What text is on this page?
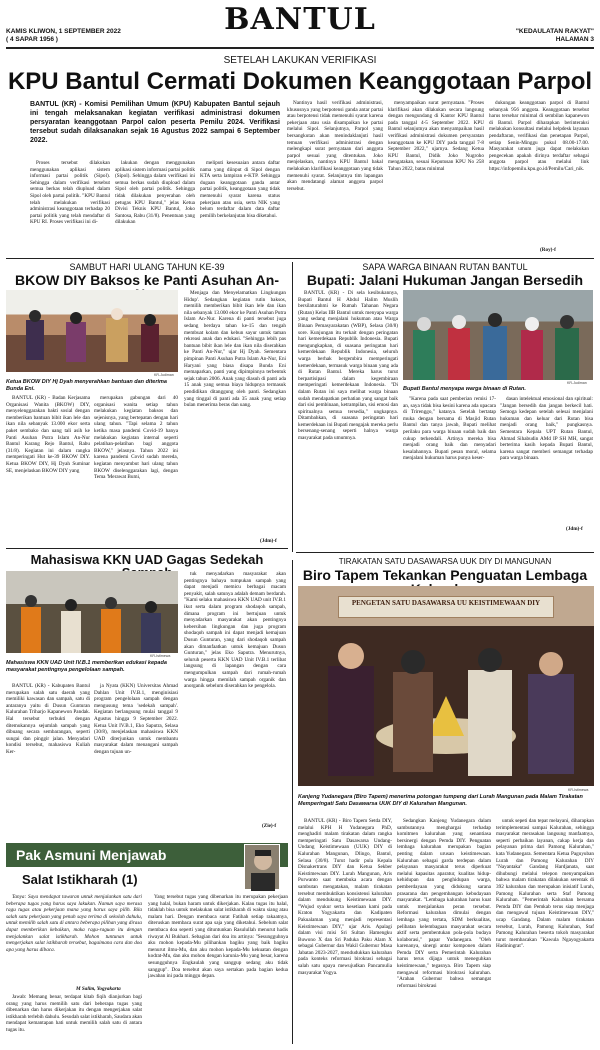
KAMIS KLIWON, 1 SEPTEMBER 2022
( 4 SAPAR 1956 )
BANTUL	"KEDAULATAN RAKYAT"
HALAMAN 3
SETELAH LAKUKAN VERIFIKASI
KPU Bantul Cermati Dokumen Keanggotaan Parpol
BANTUL (KR) - Komisi Pemilihan Umum (KPU) Kabupaten Bantul sejauh ini tengah melaksanakan kegiatan verifikasi administrasi dokumen persyaratan keanggotaan Parpol calon peserta Pemilu 2024. Verifikasi tersebut sudah dilaksanakan sejak 16 Agustus 2022 sampai 6 September 2022.

Proses tersebut dilakukan menggunakan aplikasi sistem informasi partai politik (Sipol). Sehingga dalam verifikasi tersebut semua berkas telah diupload dalam Sipol oleh partai politik. "KPU Bantul telah melakukan verifikasi administrasi keanggotaan terhadap 20 partai politik yang telah mendaftar di KPU RI. Proses verifikasi ini di-

lakukan dengan menggunakan aplikasi sistem informasi partai politik (Sipol). Sehingga dalam verifikasi ini semua berkas sudah diupload dalam Sipol oleh partai politik. Sehingga tidak dilakukan penyerahan oleh petugas KPU Bantul," jelas Ketua Divisi Teknis KPU Bantul, Joko Santosa, Rabu (31/8). Penentuan yang dilakukan

meliputi kesesuaian antara daftar nama yang diinput di Sipol dengan KTA serta lampiran e-KTP. Sehingga dugaan keanggotaan ganda antar partai politik, keanggotaan yang tidak memenuhi syarat karena status pekerjaan atau usia, serta NIK yang belum terdaftar dalam data daftar pemilih berkelanjutan bisa diketahui.

Nantinya hasil verifikasi administrasi, khususnya yang berpotensi ganda antar partai atau berpotensi tidak memenuhi syarat karena pekerjaan atau usia disampaikan ke partai melalui Sipol. Selanjutnya, Parpol yang bersangkutan akan menindaklanjuti hasil temuan verifikasi administrasi dengan melengkapi surat pernyataan dari anggota parpol sesuai yang ditentukan. Joko menjelaskan, nantinya KPU Bantul bakal melakukan klarifikasi keanggotaan yang tidak memenuhi syarat. Selanjutnya tim lapangan akan mendatangi alamat anggota parpol tersebut.

menyampaikan surat pernyataan. "Proses klarifikasi akan dilakukan secara langsung dengan mengundang di Kantor KPU Bantul pada tanggal 4-5 September 2022. KPU Bantul selanjutnya akan menyampaikan hasil verifikasi administrasi dokumen persyaratan keanggotaan ke KPU DIY pada tanggal 7-8 September 2022," ujarnya. Sedang Ketua KPU Bantul, Didik Joko Nugroho mengatakan, sesuai Keputusan KPU No 258 Tahun 2022, batas minimal

dukungan keanggotaan parpol di Bantul sebanyak 956 anggota. Keanggotaan tersebut harus tersebar minimal di sembilan kapanewon di Bantul. Parpol diharapkan berinteraksi melakukan konsultasi melalui helpdesk layanan pendaftaran, verifikasi dan penetapan Parpol, setiap Senin-Minggu pukul 08.00-17.00. Masyarakat umum juga dapat melakukan pengecekan apakah dirinya terdaftar sebagai anggota parpol atau melalui link https://infopemilu.kpu.go.id/Pemilu/Cari_nik.

(Roy)-f
SAMBUT HARI ULANG TAHUN KE-39
BKOW DIY Baksos ke Panti Asuhan An-
KR-Judiman
Ketua BKOW DIY Hj Dyah menyerahkan bantuan dan diterima Bunda Eni.

BANTUL (KR) - Badan Kerjasama Organisasi Wanita (BKOW) DIY, menyelenggarakan bakti sosial dengan memberikan bantuan bibit ikan lele dan ikan nila sebanyak 13.000 ekor serta paket sembako dan uang tali asih ke Panti Asuhan Putra Islam An-Nur Bantul Karang Rejo Bantul, Rabu (31/8). Kegiatan ini dalam rangka memperingati Hut ke-39 BKOW DIY. Ketua BKOW DIY, Hj Dyah Suminar SE, menjelaskan BKOW DIY yang

merupakan gabungan dari 40 organisasi wanita setiap tahun melakukan kegiatan baksos dan sejenisnya, yang bertepatan dengan hari ulang tahun. "Tapi selama 2 tahun ketika masa pandemi Covid-19 hanya melakukan kegiatan internal seperti pelatihan-pelatihan bagi anggota BKOW," jelasnya. Tahun 2022 ini karena pandemi Covid sudah mereda, kegiatan menyambut hari ulang tahun BKOW diselenggarakan lagi, dengan Tema 'Merawat Bumi,

Menjaga dan Menyelamatkan Lingkungan Hidup'. Sedangkan kegiatan rutin baksos, memilih memberikan bibit ikan lele dan ikan nila sebanyak 13.000 ekor ke Panti Asuhan Putra Islam An-Nur. Karena di panti tersebut juga sedang berdaya tahan ke-15 dan tengah membuat kolam dan kebun sayur untuk taman rekreasi anak dan edukasi. "Sehingga lebih pas bantuan bibit ikan lele dan ikan nila diserahkan ke Panti An-Nur," ujar Hj Dyah. Sementara pimpinan Panti Asuhan Putra Islam An-Nur, Eni Haryani yang biasa disapa Bunda Eni memaparkan, panti yang dipimpinnya terbentuk sejak tahun 2006. Anak yang diasuh di panti ada 15 anak yang semua biaya hidupnya termasuk pendidikan ditanggung oleh panti. Sedangkan yang tinggal di panti ada 35 anak yang setiap bulan menerima beras dan uang.

(Jdm)-f
SAPA WARGA BINAAN RUTAN BANTUL
Bupati: Jalani Hukuman Jangan Bersedih

BANTUL (KR) - Di sela kesibukannya, Bupati Bantul H Abdul Halim Muslih bersilaturahmi ke Rumah Tahanan Negara (Rutan) Kelas IIB Bantul untuk menyapa warga yang sedang menjalani hukuman atau Warga Binaan Pemasyarakatan (WBP), Selasa (30/8) sore. Kunjungan itu terkait dengan peringatan hari kemerdekaan Republik Indonesia. Bupati mengungkapkan, di suasana peringatan hari kemerdekaan Republik Indonesia, seluruh warga berhak bergembira memperingati kemerdekaan, termasuk warga binaan yang ada di Rutan Bantul. Mereka harus turut berpartisipasi dalam kegembiraan memperingati kemerdekaan Indonesia. "Di dalam Rutan ini saya melihat warga binaan sudah mendapatkan perhatian yang sangat baik dari sisi pembinaan, ketrampilan, sisi emosi dan spiritualnya semua tersedia," ungkapnya. Ditambahkan, di suasana peringatan hari kemerdekaan ini Bupati mengajak mereka perlu bersenang-senang seperti halnya warga masyarakat pada umumnya.

KR-Judiman
Bupati Bantul menyapa warga binaan di Rutan.

"Karena pada saat pemberian remisi 17-an, saya tidak bisa kesini karena ada upacara di Trirenggo," katanya. Setelah bertatap muka dengan bersama di Masjid Rutan Bantul dan tanya jawab, Bupati melihat perilaku para warga binaan sudah baik dan cukup terkendali. Artinya mereka bisa menjadi orang baik dan menyadari kesalahannya. Bupati pesan moral, selama menjalani hukuman harus punya keser-

dasan intelektual emosional dan spiritual: "Jangan bersedih dan jangan berkecil hati. Semoga kedepan setelah selesai menjalani hukuman dan keluar dari Rutan bisa menjadi orang baik," pungkasnya. Sementara Kepala UPT Rutan Bantul, Ahmad Sihabudin AMd IP SH MH, sangat berterima kasih kepada Bupati Bantul, karena sangat memberi semangat terhadap para warga binaan.

(Jdm)-f
Mahasiswa KKN UAD Gagas Sedekah
KR-Istimewa
Mahasiswa KKN UAD Unit IV.B.1 memberikan edukasi kepada masyarakat pentingnya pengelolaan sampah.

BANTUL (KR) - Kabupaten Bantul merupakan salah satu daerah yang memiliki kawasan dan sampah, satu di antaranya yaitu di Dusun Gunturan Kalurahan Triharjo Kapanewon Pandak. Hal tersebut terbukti dengan ditemukannya sejumlah sampah yang dibuang secara sembarangan, seperti sungai dan pinggir jalan. Menyadari kondisi tersebut, mahasiswa Kuliah Ker-

ja Nyata (KKN) Universitas Ahmad Dahlan Unit IV.B.1, menginisiasi program pengelolaan sampah dengan mengusung tema 'sedekah sampah'. Kegiatan berlangsung mulai tanggal 9 Agustus hingga 9 September 2022. Ketua Unit IV.B.1, Eko Saputra, Selasa (30/8), menjelaskan mahasiswa KKN UAD diterjunkan untuk membantu masyarakat dalam menangani sampah dengan tujuan un-

tuk menyadarkan masyarakat akan pentingnya bahaya tumpukan sampah yang dapat menjadi memicu berbagai macam penyakit, salah satunya adalah demam berdarah. "Kami selaku mahasiswa KKN UAD unit IV.B.1 ikut serta dalam program shodaqoh sampah, dimana program ini bertujuan untuk menyadarkan masyarakat akan pentingnya kebersihan lingkungan dan juga program shodaqoh sampah ini dapat menjadi kemajuan Dusun Gunturan, yang dari shodaqoh sampah akan dimanfaatkan untuk kemajuan Dusun Gunturan," jelas Eko Saputra. Menurutnya, seluruh peserta KKN UAD Unit IV.B.1 terlibat langsung di lapangan dengan cara mengumpulkan sampah dari rumah-rumah warga hingga memilah sampah organik dan anorganik sebelum diserahkan ke pengelola.

(Zie)-f
TIRAKATAN SATU DASAWARSA UUK DIY DI MANGUNAN
Biro Tapem Tekankan Penguatan Lembaga
PENGETAN SATU DASAWARSA UU KEISTIMEWAAN DIY
KR-Istimewa
Kanjeng Yudanegara (Biro Tapem) menerima potongan tumpeng dari Lurah Mangunan pada Malam Tirakatan Memperingati Satu Dasawarsa UUK DIY di Kalurahan Mangunan.

BANTUL (KR) - Biro Tapem Setda DIY, melalui KPH H Yudanegara PhD, menghadiri malam tirakatan dalam rangka memperingati Satu Dasawarsa Undang-Undang Keistimewaan (UUK) DIY di Kalurahan Mangunan, Dlingo, Bantul, Selasa (30/8). Turut hadir pula Kepala Disnakertrans DIY dan Ketua Sekber Keistimewaan DIY. Lurah Mangunan, Aris Purwanto saat membuka acara dengan sambutan mengatakan, malam tirakatan tersebut membuktikan konsistensi kalurahan dalam mendukung Keistimewaan DIY. "Wujud syukur serta kesetiaan kami pada Kraton Yogyakarta dan Kadipaten Pakualaman yang menjadi representasi Keistimewaan DIY," ujar Aris. Apalagi dalam visi misi Sri Sultan Hamengku Buwono X dan Sri Paduka Paku Alam X sebagai Gubernur dan Wakil Gubernur Masa Jabatan 2023-2027, mendudukkan kalurahan pada konteks reformasi birokrasi sebagai salah satu upaya mewujudkan Pancamulia masyarakat Yogya.

Sedangkan Kanjeng Yudanegara dalam sambutannya menghargai terhadap komitmen kalurahan yang senantiasa bersinergi dengan Pemda DIY. Penguatan lembaga kalurahan merupakan bagian penting dalam urusan keistimewaan. Kalurahan sebagai garda terdepan dalam pelayanan masyarakat terus diperkuat melalui kapasitas aparatur, kualitas hidup-kehidupan dan penghidupan warga, pemberdayaan yang didukung sarana prasarana dan pengembangan kebudayaan masyarakat. "Lembaga kalurahan harus kuat untuk menjalankan peran tersebut. Reformasi kalurahan dimulai dengan lembaga yang tertata, SDM berkualitas, pelibatan kelembagaan masyarakat secara aktif serta pembentukan pola-pola budaya kolaborasi," papar Yudanegara. "Oleh karenanya, sinergi antar komponen dalam Pemda DIY serta Pemerintah Kalurahan harus terus dijaga untuk meneguhkan keistimewaan," tegasnya. Biro Tapem siap mengawal reformasi birokrasi kalurahan. "Arahan Gubernur bahwa semangat reformasi birokrasi

untuk sepeti dan tepat melayani, diharapkan terimplementasi sampai Kalurahan, sehingga masyarakat merasakan langsung manfaatnya, seperti perbaikan layanan, cakap kerja dan pelayanan prima dari Pamong Kalurahan," kata Yudanegara. Sementara Ketua Paguyuban Lurah dan Pamong Kalurahan DIY "Nayantaka" Gandang Hardjanata, saat dihubungi melalui telepon menyampaikan bahwa malam tirakatan dilakukan serentak di 392 kalurahan dan merupakan inisiatif Lurah, Pamong Kalurahan serta Staf Pamong Kalurahan. "Pemerintah Kalurahan bersama Pemda DIY dan Pemkab terus siap menjaga dan mengawal tujuan Keistimewaan DIY," ucap Gandang. Dalam malam tirakatan tersebut, Lurah, Pamong Kalurahan, Staf Pamong Kalurahan beserta tokoh masyarakat turut membacakan "Kawula Ngayogyakarta Hadiningrat".

Pak Asmuni Menjawab
Salat Istikharah (1)

Tanya: Saya mendapat tawaran untuk menjalankan satu dari beberapa tugas yang harus saya lakukan. Namun saya merasa ragu tugas atau pekerjaan mana yang harus saya pilih. Bila salah satu pekerjaan yang penuh saya terima di sekolah dahulu, untuk memilih salah satu di antara beberapa pilihan yang dirasa dapat memberikan kebaikan, maka ragu-raguan itu dengan menjalankan salat istikharah. Mohon tuntunan untuk mengerjakan salat istikharah tersebut, bagaimana cara dan doa apa yang harus dibaca.

M Salim, Yogyakarta

Jawab: Memang benar, terdapat kitab fiqih dianjurkan bagi orang yang harus memilih satu dari beberapa tugas yang dibenarkan dan harus dikerjakan itu dengan mengerjakan salat istikharah terlebih dahulu. Sesudah salat istikharah, Saudara akan mendapat kemantapan hati untuk memilih salah satu di antara tugas itu.

Yang tersebut tugas yang dibenarkan itu merupakan pekerjaan yang halal, bukan haram untuk dikerjakan. Kalau tugas itu halal, tidaklah bisa untuk melakukan salat istikharah di waktu siang atau malam hari. Dengan membaca surat Fatihah setiap rakaatnya, diteruskan membaca surat apa saja yang diketahui. Sebelum salat membaca doa seperti yang dituntunkan Rasulullah menurut hadis riwayat Al Bukhari. Sebagian dari doa itu artinya: "Sesungguhnya aku mohon kepada-Mu pilihankan bagiku yang baik bagiku menurut ilmu-Mu, dan aku mohon kepada-Mu kekuatan dengan kodrat-Mu, dan aku mohon dengan karunia-Mu yang besar, karena sesungguhnya Engkaulah yang sanggup sedang aku tidak sanggup". Doa tersebut akan saya sertakan pada bagian kedua jawaban ini pada minggu depan.
